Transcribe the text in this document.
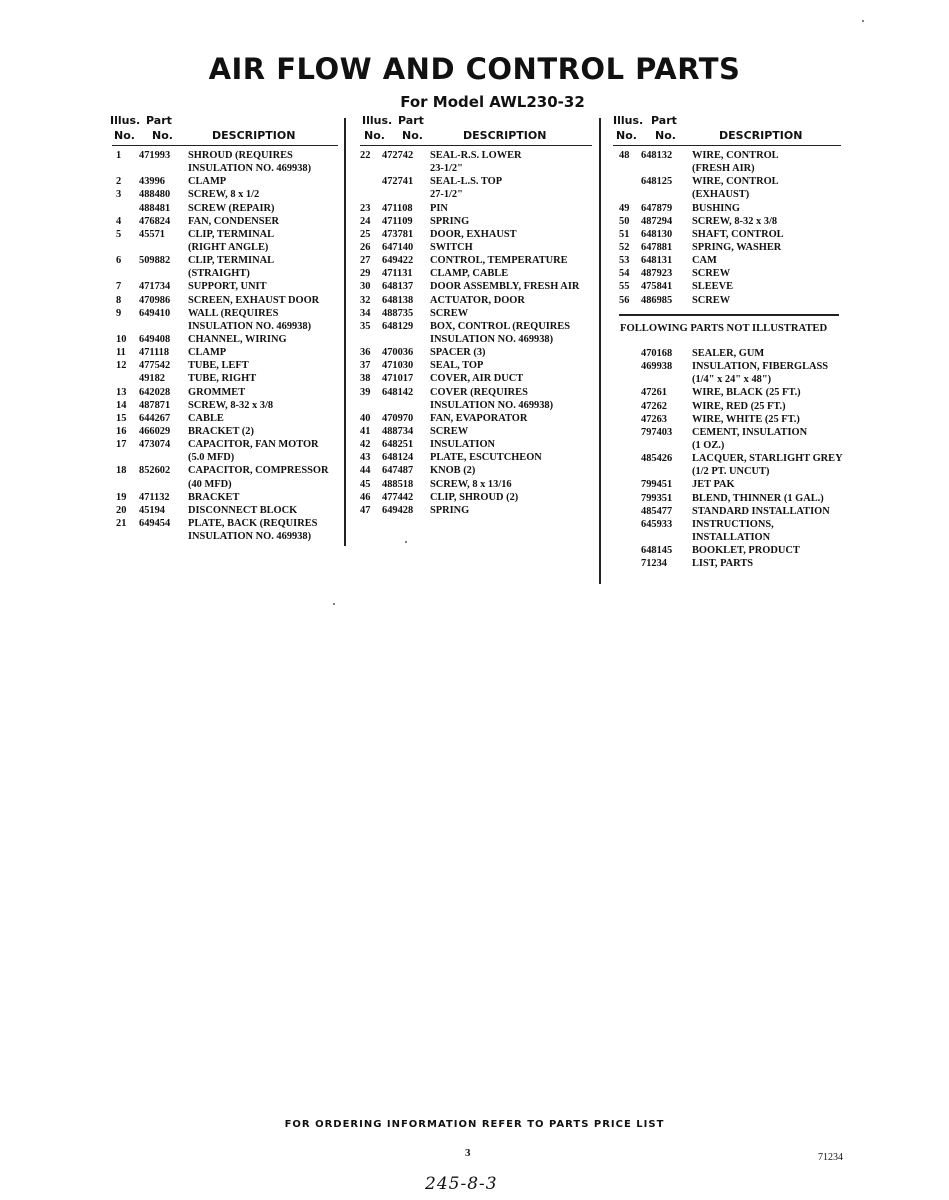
AIR FLOW AND CONTROL PARTS
For Model AWL230-32
Illus. Part
No. No.	DESCRIPTION
1 471993 SHROUD (REQUIRES
INSULATION NO. 469938)
2 43996 CLAMP
3 488480 SCREW, 8 x 1/2
488481 SCREW (REPAIR)
4 476824 FAN, CONDENSER
5 45571 CLIP, TERMINAL
(RIGHT ANGLE)
6 509882 CLIP, TERMINAL
(STRAIGHT)
7 471734 SUPPORT, UNIT
8 470986 SCREEN, EXHAUST DOOR
9 649410 WALL (REQUIRES
INSULATION NO. 469938)
10 649408 CHANNEL, WIRING
11 471118 CLAMP
12 477542 TUBE, LEFT
49182 TUBE, RIGHT
13 642028 GROMMET
14 487871 SCREW, 8-32 x 3/8
15 644267 CABLE
16 466029 BRACKET (2)
17 473074 CAPACITOR, FAN MOTOR
(5.0 MFD)
18 852602 CAPACITOR, COMPRESSOR
(40 MFD)
19 471132 BRACKET
20 45194 DISCONNECT BLOCK
21 649454 PLATE, BACK (REQUIRES
INSULATION NO. 469938)
Illus. Part
No. No.	DESCRIPTION
22 472742 SEAL-R.S. LOWER
23-1/2"
472741 SEAL-L.S. TOP
27-1/2"
23 471108 PIN
24 471109 SPRING
25 473781 DOOR, EXHAUST
26 647140 SWITCH
27 649422 CONTROL, TEMPERATURE
29 471131 CLAMP, CABLE
30 648137 DOOR ASSEMBLY, FRESH AIR
32 648138 ACTUATOR, DOOR
34 488735 SCREW
35 648129 BOX, CONTROL (REQUIRES
INSULATION NO. 469938)
36 470036 SPACER (3)
37 471030 SEAL, TOP
38 471017 COVER, AIR DUCT
39 648142 COVER (REQUIRES
INSULATION NO. 469938)
40 470970 FAN, EVAPORATOR
41 488734 SCREW
42 648251 INSULATION
43 648124 PLATE, ESCUTCHEON
44 647487 KNOB (2)
45 488518 SCREW, 8 x 13/16
46 477442 CLIP, SHROUD (2)
47 649428 SPRING
Illus. Part
No. No.	DESCRIPTION
48 648132 WIRE, CONTROL
(FRESH AIR)
648125 WIRE, CONTROL
(EXHAUST)
49 647879 BUSHING
50 487294 SCREW, 8-32 x 3/8
51 648130 SHAFT, CONTROL
52 647881 SPRING, WASHER
53 648131 CAM
54 487923 SCREW
55 475841 SLEEVE
56 486985 SCREW
FOLLOWING PARTS NOT ILLUSTRATED
470168 SEALER, GUM
469938 INSULATION, FIBERGLASS
(1/4" x 24" x 48")
47261 WIRE, BLACK (25 FT.)
47262 WIRE, RED (25 FT.)
47263 WIRE, WHITE (25 FT.)
797403 CEMENT, INSULATION
(1 OZ.)
485426 LACQUER, STARLIGHT GREY
(1/2 PT. UNCUT)
799451 JET PAK
799351 BLEND, THINNER (1 GAL.)
485477 STANDARD INSTALLATION
645933 INSTRUCTIONS,
INSTALLATION
648145 BOOKLET, PRODUCT
71234 LIST, PARTS
FOR ORDERING INFORMATION REFER TO PARTS PRICE LIST
3	71234
245-8-3
